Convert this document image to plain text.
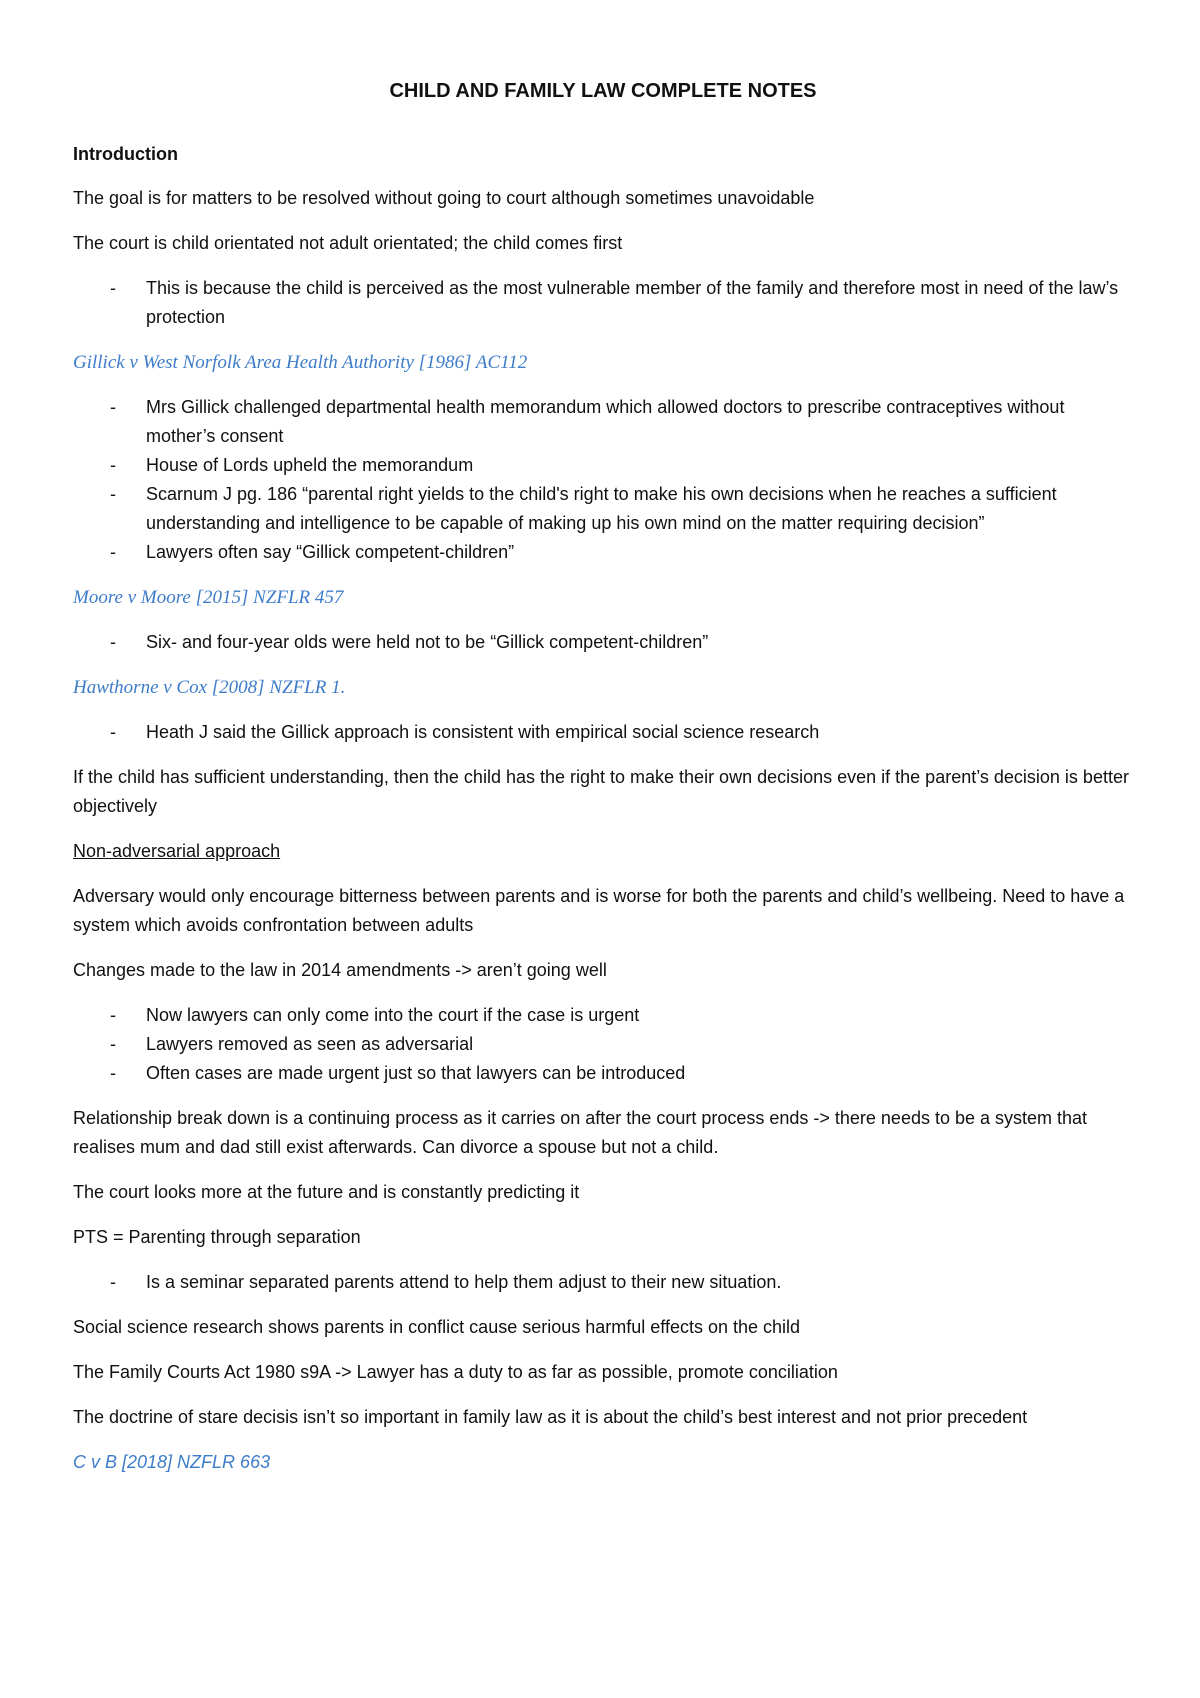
CHILD AND FAMILY LAW COMPLETE NOTES
Introduction
The goal is for matters to be resolved without going to court although sometimes unavoidable
The court is child orientated not adult orientated; the child comes first
- This is because the child is perceived as the most vulnerable member of the family and therefore most in need of the law’s protection
Gillick v West Norfolk Area Health Authority [1986] AC112
- Mrs Gillick challenged departmental health memorandum which allowed doctors to prescribe contraceptives without mother’s consent
- House of Lords upheld the memorandum
- Scarnum J pg. 186 “parental right yields to the child's right to make his own decisions when he reaches a sufficient understanding and intelligence to be capable of making up his own mind on the matter requiring decision”
- Lawyers often say “Gillick competent-children”
Moore v Moore [2015] NZFLR 457
- Six- and four-year olds were held not to be “Gillick competent-children”
Hawthorne v Cox [2008] NZFLR 1.
- Heath J said the Gillick approach is consistent with empirical social science research
If the child has sufficient understanding, then the child has the right to make their own decisions even if the parent’s decision is better objectively
Non-adversarial approach
Adversary would only encourage bitterness between parents and is worse for both the parents and child’s wellbeing. Need to have a system which avoids confrontation between adults
Changes made to the law in 2014 amendments -> aren’t going well
- Now lawyers can only come into the court if the case is urgent
- Lawyers removed as seen as adversarial
- Often cases are made urgent just so that lawyers can be introduced
Relationship break down is a continuing process as it carries on after the court process ends -> there needs to be a system that realises mum and dad still exist afterwards. Can divorce a spouse but not a child.
The court looks more at the future and is constantly predicting it
PTS = Parenting through separation
- Is a seminar separated parents attend to help them adjust to their new situation.
Social science research shows parents in conflict cause serious harmful effects on the child
The Family Courts Act 1980 s9A -> Lawyer has a duty to as far as possible, promote conciliation
The doctrine of stare decisis isn’t so important in family law as it is about the child’s best interest and not prior precedent
C v B [2018] NZFLR 663
